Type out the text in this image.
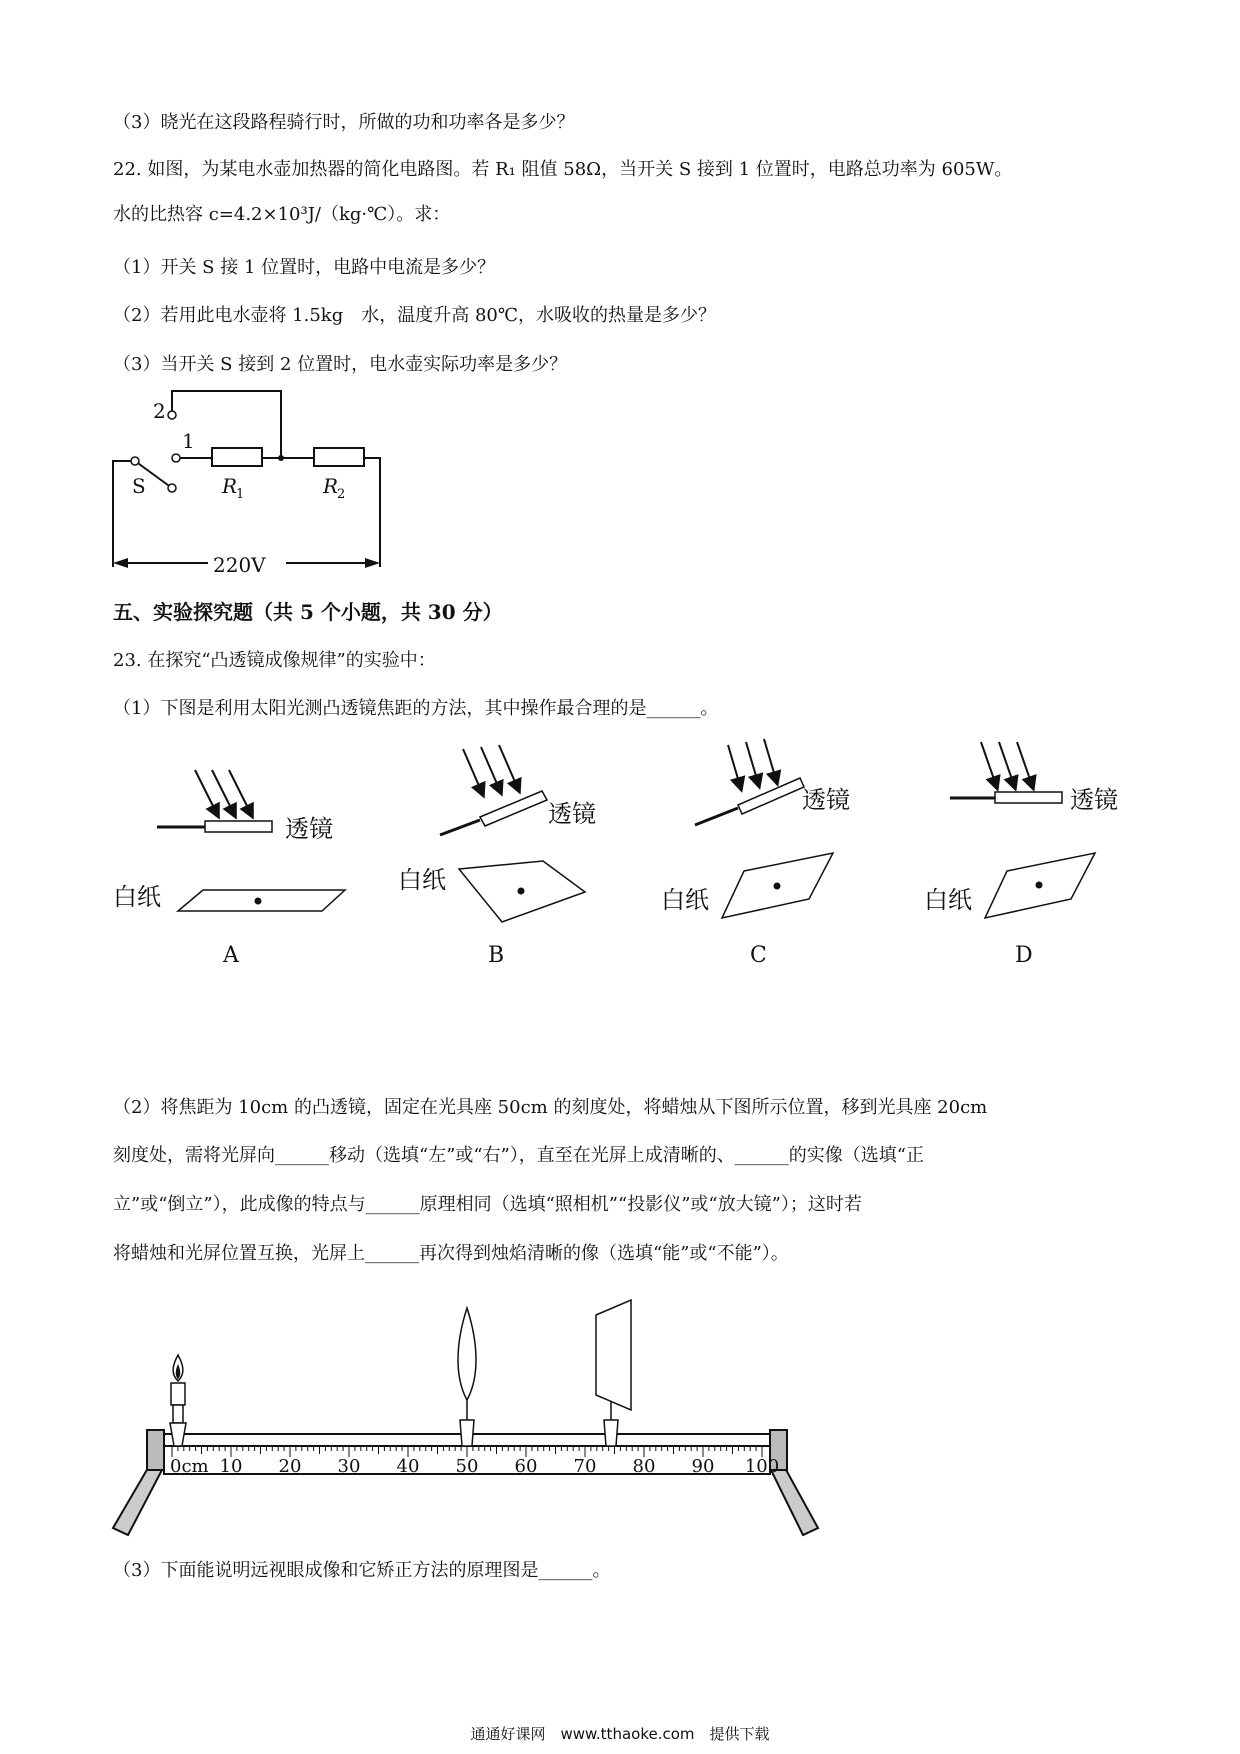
（3）晓光在这段路程骑行时，所做的功和功率各是多少？
22. 如图，为某电水壶加热器的简化电路图。若 R₁ 阻值 58Ω，当开关 S 接到 1 位置时，电路总功率为 605W。
水的比热容 c=4.2×10³J/（kg·℃）。求：
（1）开关 S 接 1 位置时，电路中电流是多少？
（2）若用此电水壶将 1.5kg　水，温度升高 80℃，水吸收的热量是多少？
（3）当开关 S 接到 2 位置时，电水壶实际功率是多少？
2
1
S	R
1	R
2
220V
五、实验探究题（共 5 个小题，共 30 分）
23. 在探究“凸透镜成像规律”的实验中：
（1）下图是利用太阳光测凸透镜焦距的方法，其中操作最合理的是______。
透镜
白纸
A
透镜
白纸
B
透镜
白纸
C
透镜
白纸
D
（2）将焦距为 10cm 的凸透镜，固定在光具座 50cm 的刻度处，将蜡烛从下图所示位置，移到光具座 20cm
刻度处，需将光屏向______移动（选填“左”或“右”），直至在光屏上成清晰的、______的实像（选填“正
立”或“倒立”），此成像的特点与______原理相同（选填“照相机”“投影仪”或“放大镜”）；这时若
将蜡烛和光屏位置互换，光屏上______再次得到烛焰清晰的像（选填“能”或“不能”）。
0cm 10 20 30 40 50 60 70 80 90 100
（3）下面能说明远视眼成像和它矫正方法的原理图是______。
通通好课网　www.tthaoke.com　提供下载
